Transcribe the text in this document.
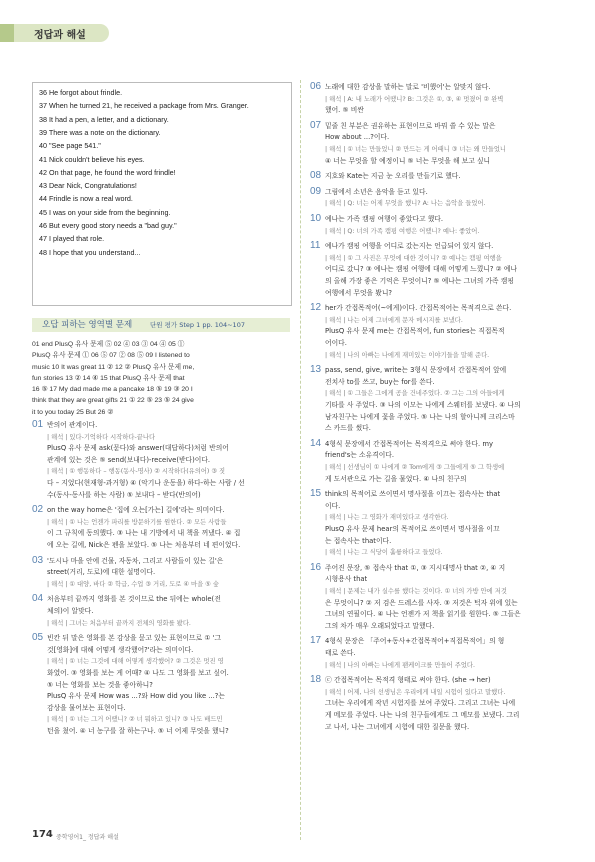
정답과 해설

36 He forgot about frindle.

37 When he turned 21, he received a package from Mrs. Granger.

38 It had a pen, a letter, and a dictionary.

39 There was a note on the dictionary.

40 "See page 541."

41 Nick couldn't believe his eyes.

42 On that page, he found the word frindle!

43 Dear Nick, Congratulations!

44 Frindle is now a real word.

45 I was on your side from the beginning.

46 But every good story needs a "bad guy."

47 I played that role.

48 I hope that you understand...

오답 피하는 영역별 문제	단원 평가 Step 1 pp. 104~107

01 end PlusQ 유사 문제 ⑤ 02 ④ 03 ③ 04 ④ 05 ①

PlusQ 유사 문제 ① 06 ⑤ 07 ② 08 ⑤ 09 I listened to

music 10 It was great 11 ② 12 ② PlusQ 유사 문제 me,

fun stories 13 ② 14 ④ 15 that PlusQ 유사 문제 that

16 ⑤ 17 My dad made me a pancake 18 ⑤ 19 ③ 20 I

think that they are great gifts 21 ① 22 ⑤ 23 ⑤ 24 give

it to you today 25 But 26 ②

01 반의어 관계이다.
| 해석 | 있다-기억하다 시작하다-끝나다
PlusQ 유사 문제 ask(묻다)와 answer(대답하다)처럼 반의어
관계에 있는 것은 ⑤ send(보내다)-receive(받다)이다.
| 해석 | ① 행동하다 – 행동(동사-명사) ② 시작하다(유의어) ③ 짓
다 – 지었다(현재형-과거형) ④ (악기나 운동을) 하다-하는 사람 / 선
수(동사-동사를 하는 사람) ⑤ 보내다 – 받다(반의어)
02 on the way home은 '집에 오는[가는] 길에'라는 의미이다.
| 해석 | ① 나는 언젠가 파리를 방문하기를 원한다. ② 모든 사람들
이 그 규칙에 동의했다. ③ 나는 내 기방에서 내 책을 꺼냈다. ④ 집
에 오는 길에, Nick은 펜을 보았다. ⑤ 나는 처음부터 네 편이었다.
03 '도시나 마을 안에 건물, 자동차, 그리고 사람들이 있는 길'은
street(거리, 도로)에 대한 설명이다.
| 해석 | ① 대양, 바다 ② 학급, 수업 ③ 거리, 도로 ④ 마을 ⑤ 숲
04 처음부터 끝까지 영화를 본 것이므로 the 뒤에는 whole(전
체의)이 알맞다.
| 해석 | 그녀는 처음부터 끝까지 전체의 영화를 봤다.
05 빈칸 뒤 말은 영화를 본 감상을 묻고 있는 표현이므로 ① '그
것[영화]에 대해 어떻게 생각했어?'라는 의미이다.
| 해석 | ① 너는 그것에 대해 어떻게 생각했어? ② 그것은 멋진 영
화였어. ③ 영화를 보는 게 어때? ④ 나도 그 영화를 보고 싶어.
⑤ 너는 영화를 보는 것을 좋아하니?
PlusQ 유사 문제 How was ...?와 How did you like ...?는
감상을 물어보는 표현이다.
| 해석 | ① 너는 그거 어땠니? ② 너 뭐하고 있니? ③ 나도 배드민
턴을 쳤어. ④ 너 농구를 잘 하는구나. ⑤ 너 어제 무엇을 했니?
06 노래에 대한 감상을 말하는 말로 '비했어'는 알맞지 않다.
| 해석 | A: 내 노래가 어땠니? B: 그것은 ①, ③, ④ 멋졌어 ② 완벽
했어. ⑤ 비싼
07 밑줄 친 부분은 권유하는 표현이므로 바꿔 쓸 수 있는 말은
How about ...?이다.
| 해석 | ① 너는 만들었니 ② 만드는 게 어때니 ③ 너는 왜 만들었니
④ 너는 무엇을 할 예정이니 ⑤ 너는 무엇을 해 보고 싶니
08 지호와 Kate는 지금 눈 오리를 만들기로 했다.
09 그림에서 소년은 음악을 듣고 있다.
| 해석 | Q: 너는 어제 무엇을 했니? A: 나는 음악을 들었어.
10 예나는 가족 캠핑 여행이 좋았다고 했다.
| 해석 | Q: 너의 가족 캠핑 여행은 어땠니? 예나: 좋았어.
11 예나가 캠핑 여행을 어디로 갔는지는 언급되어 있지 않다.
| 해석 | ① 그 사진은 무엇에 대한 것이니? ② 예나는 캠핑 여행을
어디로 갔니? ③ 예나는 캠핑 여행에 대해 어떻게 느꼈니? ② 예나
의 올해 가장 좋은 기억은 무엇이니? ⑤ 예나는 그녀의 가족 캠핑
여행에서 무엇을 봤니?
12 her가 간접목적어(~에게)이다. 간접목적어는 목적격으로 쓴다.
| 해석 | 나는 어제 그녀에게 문자 메시지를 보냈다.
PlusQ 유사 문제 me는 간접목적어, fun stories는 직접목적
어이다.
| 해석 | 나의 아빠는 나에게 재미있는 이야기들을 말해 준다.
13 pass, send, give, write는 3형식 문장에서 간접목적어 앞에
전치사 to를 쓰고, buy는 for를 쓴다.
| 해석 | ① 그들은 그에게 공을 건네주었다. ② 그는 그의 아들에게
기타를 사 주었다. ③ 나의 이모는 나에게 스웨터를 보냈다. ④ 나의
남자친구는 나에게 꽃을 주었다. ⑤ 나는 나의 할아니께 크리스마
스 카드를 썼다.
14 4형식 문장에서 간접목적어는 목적격으로 써야 한다. my
friend's는 소유격이다.
| 해석 | 선생님이 ① 나에게 ② Tom에게 ③ 그들에게 ⑤ 그 학생에
게 도서관으로 가는 길을 물었다. ④ 나의 친구의
15 think의 목적어로 쓰이면서 명사절을 이끄는 접속사는 that
이다.
| 해석 | 나는 그 영화가 재미있다고 생각한다.
PlusQ 유사 문제 hear의 목적어로 쓰이면서 명사절을 이끄
는 접속사는 that이다.
| 해석 | 나는 그 식당이 훌륭하다고 들었다.
16 주어진 문장, ⑤ 접속사 that ①, ③ 지시대명사 that ②, ④ 지
시형용사 that
| 해석 | 문제는 내가 실수를 했다는 것이다. ① 너의 가방 안에 저것
은 무엇이니? ② 저 검은 드레스를 사자. ③ 저것은 턱자 위에 있는
그녀의 연필이다. ④ 나는 언젠가 저 책을 읽기를 원한다. ⑤ 그들은
그의 차가 매우 오래되었다고 말했다.
17 4형식 문장은 「주어+동사+간접목적어+직접목적어」의 형
태로 쓴다.
| 해석 | 나의 아빠는 나에게 팬케이크를 만들어 주었다.
18 ⓒ 간접목적어는 목적격 형태로 써야 한다. (she → her)
| 해석 | 어제, 나의 선생님은 우리에게 내일 시험이 있다고 말했다.
그녀는 우리에게 작년 시험지를 보여 주었다. 그리고 그녀는 나에
게 메모를 주었다. 나는 나의 친구들에게도 그 메모를 보냈다. 그리
고 나서, 나는 그녀에게 시험에 대한 질문을 했다.
174 중학영어1_ 정답과 해설
